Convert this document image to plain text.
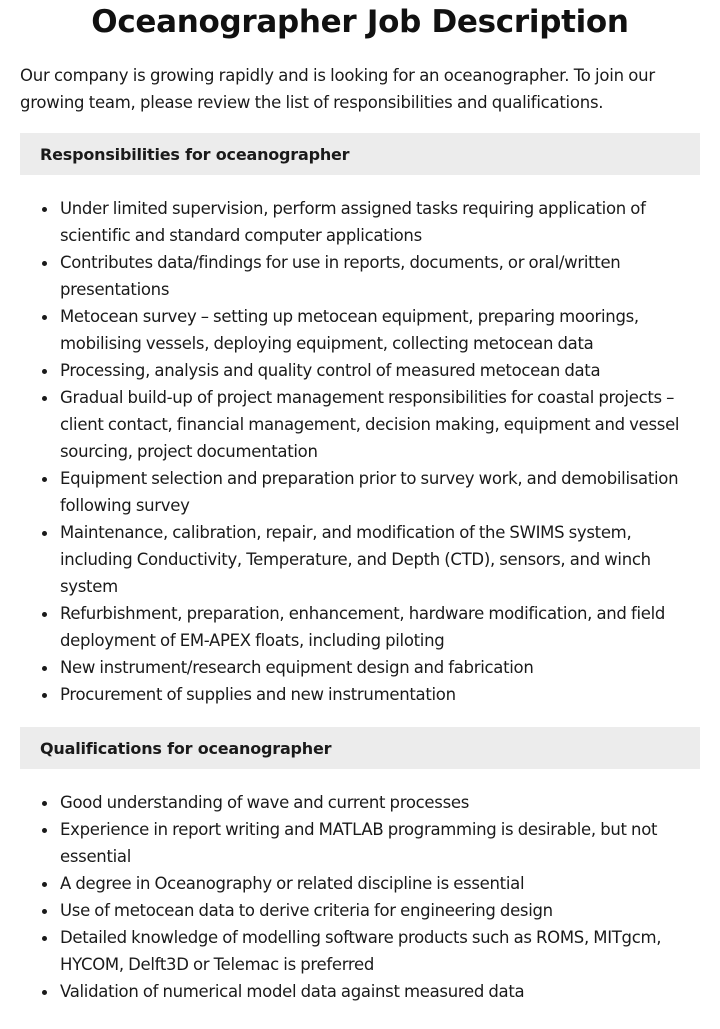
Oceanographer Job Description

Our company is growing rapidly and is looking for an oceanographer. To join our growing team, please review the list of responsibilities and qualifications.

Responsibilities for oceanographer
Under limited supervision, perform assigned tasks requiring application of scientific and standard computer applications
Contributes data/findings for use in reports, documents, or oral/written presentations
Metocean survey – setting up metocean equipment, preparing moorings, mobilising vessels, deploying equipment, collecting metocean data
Processing, analysis and quality control of measured metocean data
Gradual build-up of project management responsibilities for coastal projects – client contact, financial management, decision making, equipment and vessel sourcing, project documentation
Equipment selection and preparation prior to survey work, and demobilisation following survey
Maintenance, calibration, repair, and modification of the SWIMS system, including Conductivity, Temperature, and Depth (CTD), sensors, and winch system
Refurbishment, preparation, enhancement, hardware modification, and field deployment of EM-APEX floats, including piloting
New instrument/research equipment design and fabrication
Procurement of supplies and new instrumentation
Qualifications for oceanographer
Good understanding of wave and current processes
Experience in report writing and MATLAB programming is desirable, but not essential
A degree in Oceanography or related discipline is essential
Use of metocean data to derive criteria for engineering design
Detailed knowledge of modelling software products such as ROMS, MITgcm, HYCOM, Delft3D or Telemac is preferred
Validation of numerical model data against measured data
